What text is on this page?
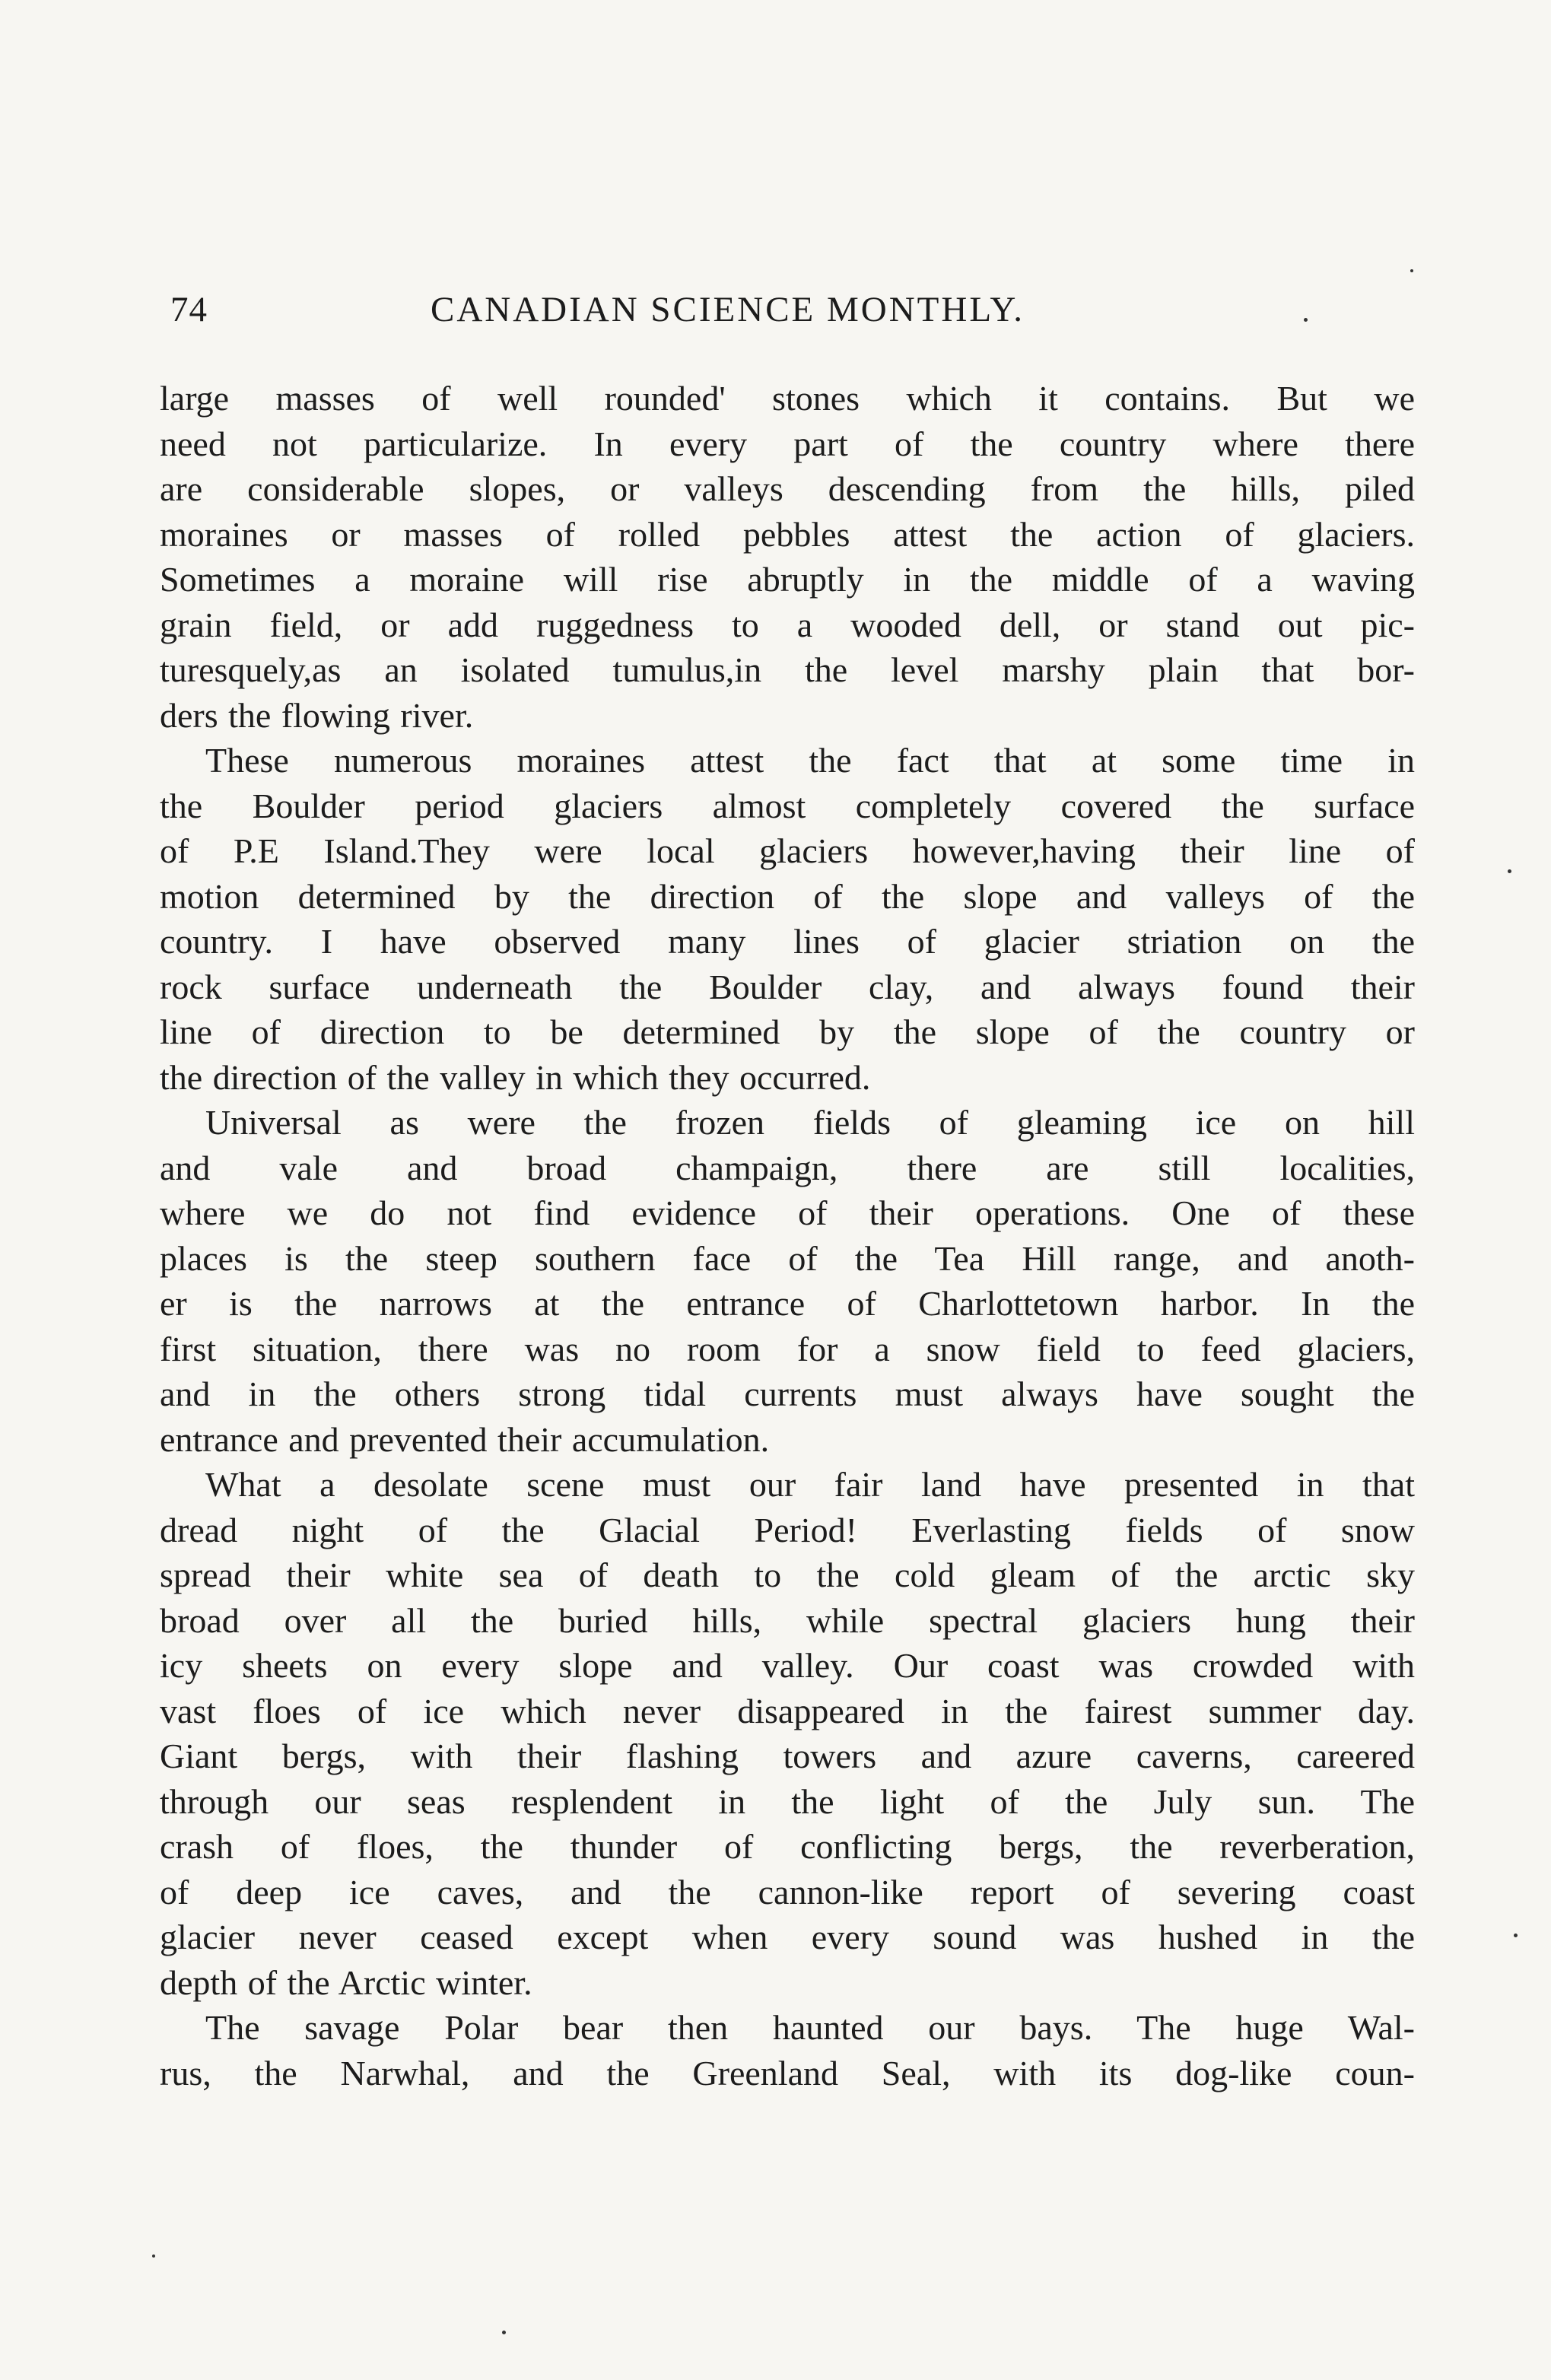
74	CANADIAN SCIENCE MONTHLY.

large masses of well rounded' stones which it contains. But we

need not particularize. In every part of the country where there

are considerable slopes, or valleys descending from the hills, piled

moraines or masses of rolled pebbles attest the action of glaciers.

Sometimes a moraine will rise abruptly in the middle of a waving

grain field, or add ruggedness to a wooded dell, or stand out pic-

turesquely,as an isolated tumulus,in the level marshy plain that bor-

ders the flowing river.

These numerous moraines attest the fact that at some time in

the Boulder period glaciers almost completely covered the surface

of P.E Island.They were local glaciers however,having their line of

motion determined by the direction of the slope and valleys of the

country. I have observed many lines of glacier striation on the

rock surface underneath the Boulder clay, and always found their

line of direction to be determined by the slope of the country or

the direction of the valley in which they occurred.

Universal as were the frozen fields of gleaming ice on hill

and vale and broad champaign, there are still localities,

where we do not find evidence of their operations. One of these

places is the steep southern face of the Tea Hill range, and anoth-

er is the narrows at the entrance of Charlottetown harbor. In the

first situation, there was no room for a snow field to feed glaciers,

and in the others strong tidal currents must always have sought the

entrance and prevented their accumulation.

What a desolate scene must our fair land have presented in that

dread night of the Glacial Period! Everlasting fields of snow

spread their white sea of death to the cold gleam of the arctic sky

broad over all the buried hills, while spectral glaciers hung their

icy sheets on every slope and valley. Our coast was crowded with

vast floes of ice which never disappeared in the fairest summer day.

Giant bergs, with their flashing towers and azure caverns, careered

through our seas resplendent in the light of the July sun. The

crash of floes, the thunder of conflicting bergs, the reverberation,

of deep ice caves, and the cannon-like report of severing coast

glacier never ceased except when every sound was hushed in the

depth of the Arctic winter.

The savage Polar bear then haunted our bays. The huge Wal-

rus, the Narwhal, and the Greenland Seal, with its dog-like coun-
